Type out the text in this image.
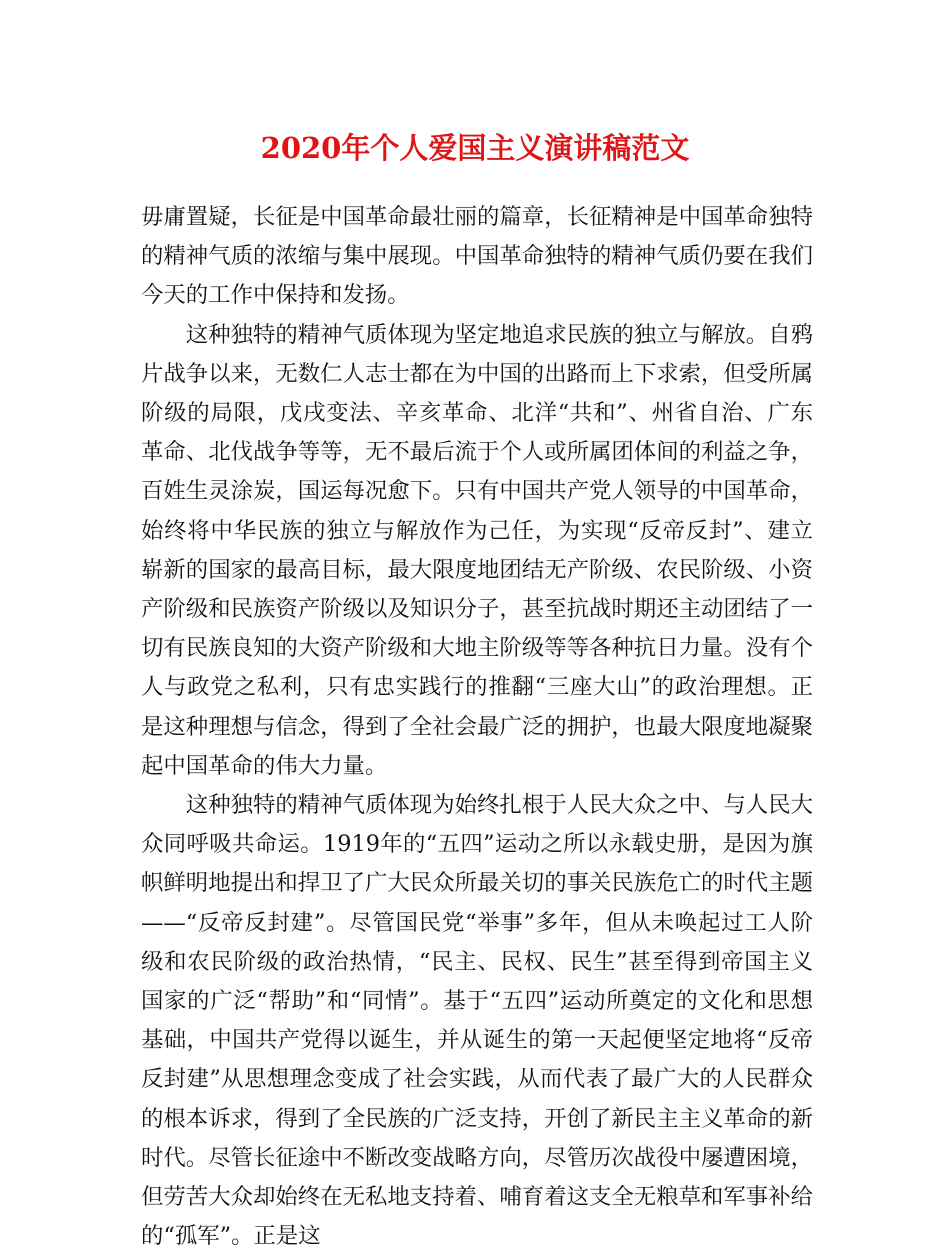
2020年个人爱国主义演讲稿范文

毋庸置疑，长征是中国革命最壮丽的篇章，长征精神是中国革命独特的精神气质的浓缩与集中展现。中国革命独特的精神气质仍要在我们今天的工作中保持和发扬。

这种独特的精神气质体现为坚定地追求民族的独立与解放。自鸦片战争以来，无数仁人志士都在为中国的出路而上下求索，但受所属阶级的局限，戊戌变法、辛亥革命、北洋“共和”、州省自治、广东革命、北伐战争等等，无不最后流于个人或所属团体间的利益之争，百姓生灵涂炭，国运每况愈下。只有中国共产党人领导的中国革命，始终将中华民族的独立与解放作为己任，为实现“反帝反封”、建立崭新的国家的最高目标，最大限度地团结无产阶级、农民阶级、小资产阶级和民族资产阶级以及知识分子，甚至抗战时期还主动团结了一切有民族良知的大资产阶级和大地主阶级等等各种抗日力量。没有个人与政党之私利，只有忠实践行的推翻“三座大山”的政治理想。正是这种理想与信念，得到了全社会最广泛的拥护，也最大限度地凝聚起中国革命的伟大力量。

这种独特的精神气质体现为始终扎根于人民大众之中、与人民大众同呼吸共命运。1919年的“五四”运动之所以永载史册，是因为旗帜鲜明地提出和捍卫了广大民众所最关切的事关民族危亡的时代主题——“反帝反封建”。尽管国民党“举事”多年，但从未唤起过工人阶级和农民阶级的政治热情，“民主、民权、民生”甚至得到帝国主义国家的广泛“帮助”和“同情”。基于“五四”运动所奠定的文化和思想基础，中国共产党得以诞生，并从诞生的第一天起便坚定地将“反帝反封建”从思想理念变成了社会实践，从而代表了最广大的人民群众的根本诉求，得到了全民族的广泛支持，开创了新民主主义革命的新时代。尽管长征途中不断改变战略方向，尽管历次战役中屡遭困境，但劳苦大众却始终在无私地支持着、哺育着这支全无粮草和军事补给的“孤军”。正是这
